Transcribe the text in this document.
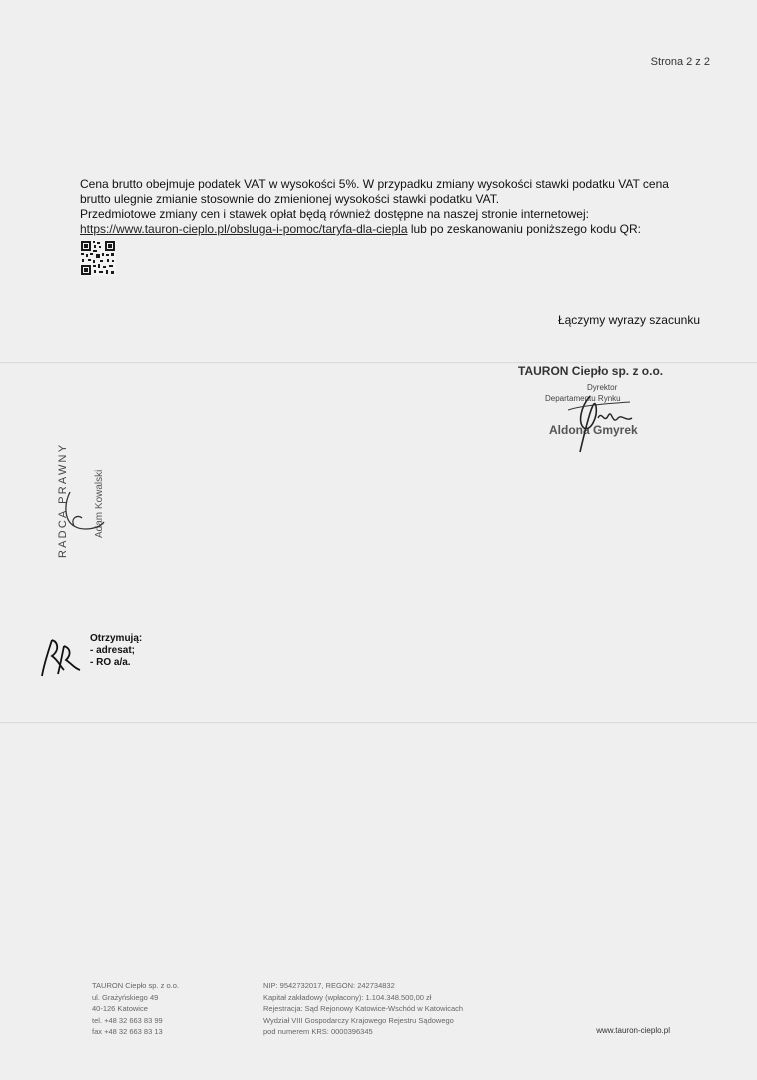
Strona 2 z 2

Cena brutto obejmuje podatek VAT w wysokości 5%. W przypadku zmiany wysokości stawki podatku VAT cena

brutto ulegnie zmianie stosownie do zmienionej wysokości stawki podatku VAT.

Przedmiotowe zmiany cen i stawek opłat będą również dostępne na naszej stronie internetowej:

https://www.tauron-cieplo.pl/obsluga-i-pomoc/taryfa-dla-ciepla lub po zeskanowaniu poniższego kodu QR:

Łączymy wyrazy szacunku
TAURON Ciepło sp. z o.o.
Dyrektor
Departamentu Rynku
Aldona Gmyrek
RADCA PRAWNY	Adam Kowalski
Otrzymują:
- adresat;
- RO a/a.
TAURON Ciepło sp. z o.o.
ul. Grażyńskiego 49
40-126 Katowice
tel. +48 32 663 83 99
fax +48 32 663 83 13
NIP: 9542732017, REGON: 242734832
Kapitał zakładowy (wpłacony): 1.104.348.500,00 zł
Rejestracja: Sąd Rejonowy Katowice-Wschód w Katowicach
Wydział VIII Gospodarczy Krajowego Rejestru Sądowego
pod numerem KRS: 0000396345	www.tauron-cieplo.pl
